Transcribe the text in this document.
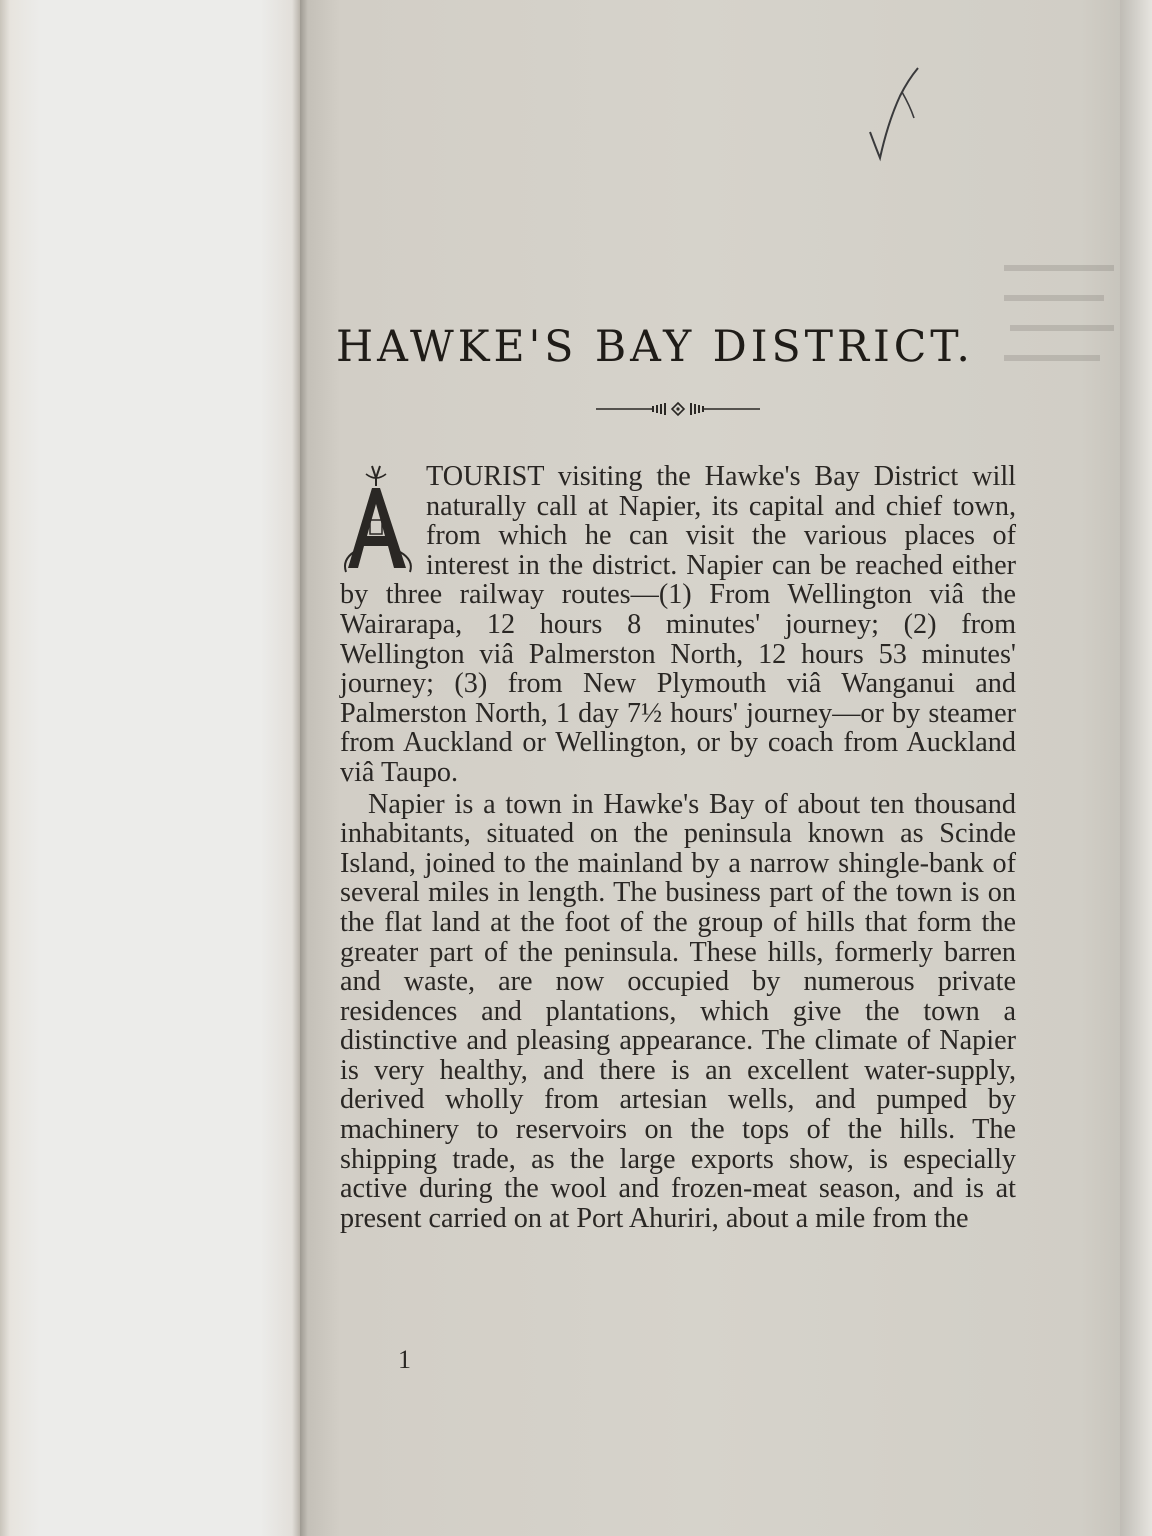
HAWKE'S BAY DISTRICT.

TOURIST visiting the Hawke's Bay District will naturally call at Napier, its capital and chief town, from which he can visit the various places of interest in the district. Napier can be reached either by three railway routes—(1) From Wellington viâ the Wairarapa, 12 hours 8 minutes' journey; (2) from Wellington viâ Palmerston North, 12 hours 53 minutes' journey; (3) from New Plymouth viâ Wanganui and Palmerston North, 1 day 7½ hours' journey—or by steamer from Auckland or Wellington, or by coach from Auckland viâ Taupo.

Napier is a town in Hawke's Bay of about ten thousand inhabitants, situated on the peninsula known as Scinde Island, joined to the mainland by a narrow shingle-bank of several miles in length. The business part of the town is on the flat land at the foot of the group of hills that form the greater part of the peninsula. These hills, formerly barren and waste, are now occupied by numerous private residences and plantations, which give the town a distinctive and pleasing appearance. The climate of Napier is very healthy, and there is an excellent water-supply, derived wholly from artesian wells, and pumped by machinery to reservoirs on the tops of the hills. The shipping trade, as the large exports show, is especially active during the wool and frozen-meat season, and is at present carried on at Port Ahuriri, about a mile from the

1
